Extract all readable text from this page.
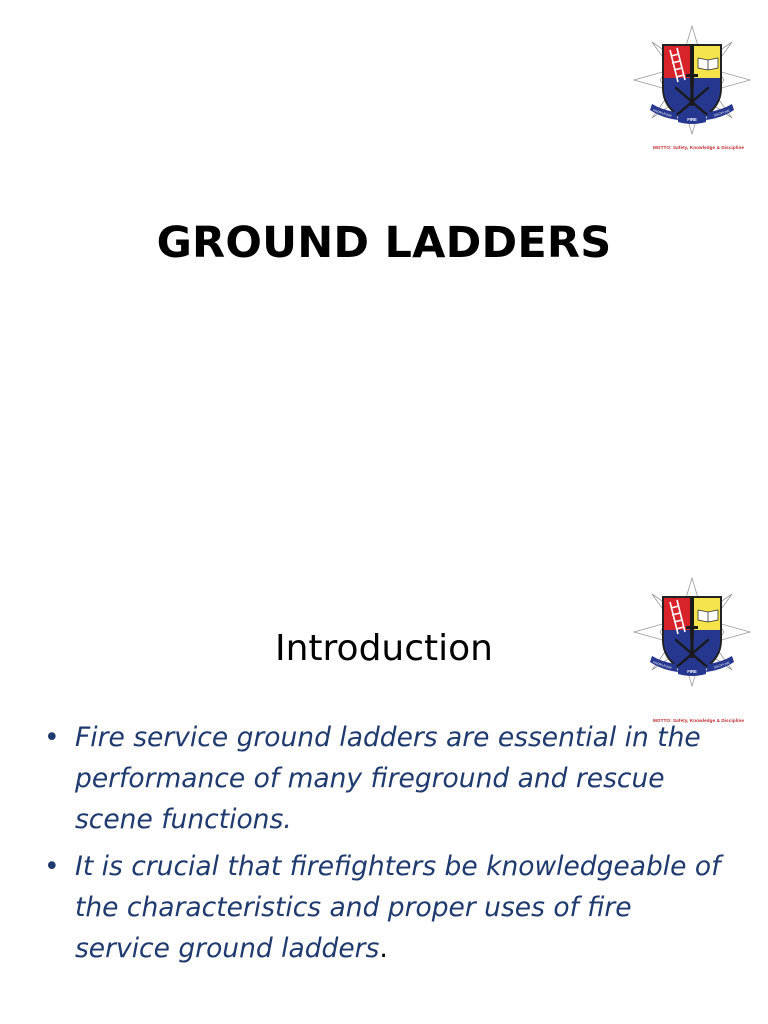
FIRE
KNOWLEDGE	DISCIPLINE
MOTTO: Safety, Knowledge & Discipline
GROUND LADDERS
FIRE
KNOWLEDGE	DISCIPLINE
MOTTO: Safety, Knowledge & Discipline
Introduction
• Fire service ground ladders are essential in the performance of many fireground and rescue scene functions.
• It is crucial that firefighters be knowledgeable of the characteristics and proper uses of fire service ground ladders.
